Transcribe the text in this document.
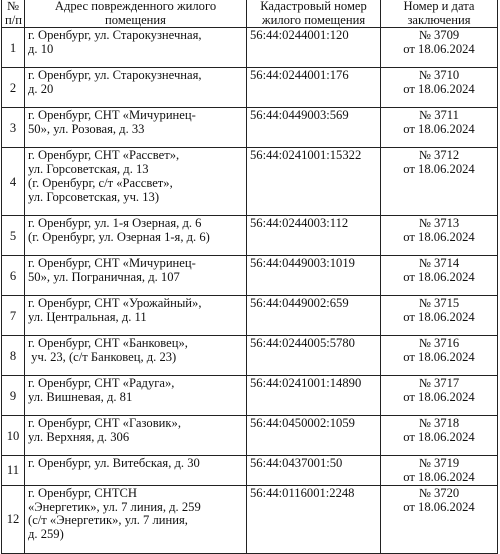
№
п/п	Адрес поврежденного жилого
помещения	Кадастровый номер
жилого помещения	Номер и дата
заключения

1	г. Оренбург, ул. Старокузнечная,
д. 10	56:44:0244001:120	№ 3709
от 18.06.2024

2	г. Оренбург, ул. Старокузнечная,
д. 20	56:44:0244001:176	№ 3710
от 18.06.2024

3	г. Оренбург, СНТ «Мичуринец-
50», ул. Розовая, д. 33	56:44:0449003:569	№ 3711
от 18.06.2024

4	г. Оренбург, СНТ «Рассвет»,
ул. Горсоветская, д. 13
(г. Оренбург, с/т «Рассвет»,
ул. Горсоветская, уч. 13)	56:44:0241001:15322	№ 3712
от 18.06.2024

5	г. Оренбург, ул. 1-я Озерная, д. 6
(г. Оренбург, ул. Озерная 1-я, д. 6)	56:44:0244003:112	№ 3713
от 18.06.2024

6	г. Оренбург, СНТ «Мичуринец-
50», ул. Пограничная, д. 107	56:44:0449003:1019	№ 3714
от 18.06.2024

7	г. Оренбург, СНТ «Урожайный»,
ул. Центральная, д. 11	56:44:0449002:659	№ 3715
от 18.06.2024

8	г. Оренбург, СНТ «Банковец»,
уч. 23, (с/т Банковец, д. 23)	56:44:0244005:5780	№ 3716
от 18.06.2024

9	г. Оренбург, СНТ «Радуга»,
ул. Вишневая, д. 81	56:44:0241001:14890	№ 3717
от 18.06.2024

10	г. Оренбург, СНТ «Газовик»,
ул. Верхняя, д. 306	56:44:0450002:1059	№ 3718
от 18.06.2024

11	г. Оренбург, ул. Витебская, д. 30	56:44:0437001:50	№ 3719
от 18.06.2024

12	г. Оренбург, СНТСН
«Энергетик», ул. 7 линия, д. 259
(с/т «Энергетик», ул. 7 линия,
д. 259)	56:44:0116001:2248	№ 3720
от 18.06.2024
